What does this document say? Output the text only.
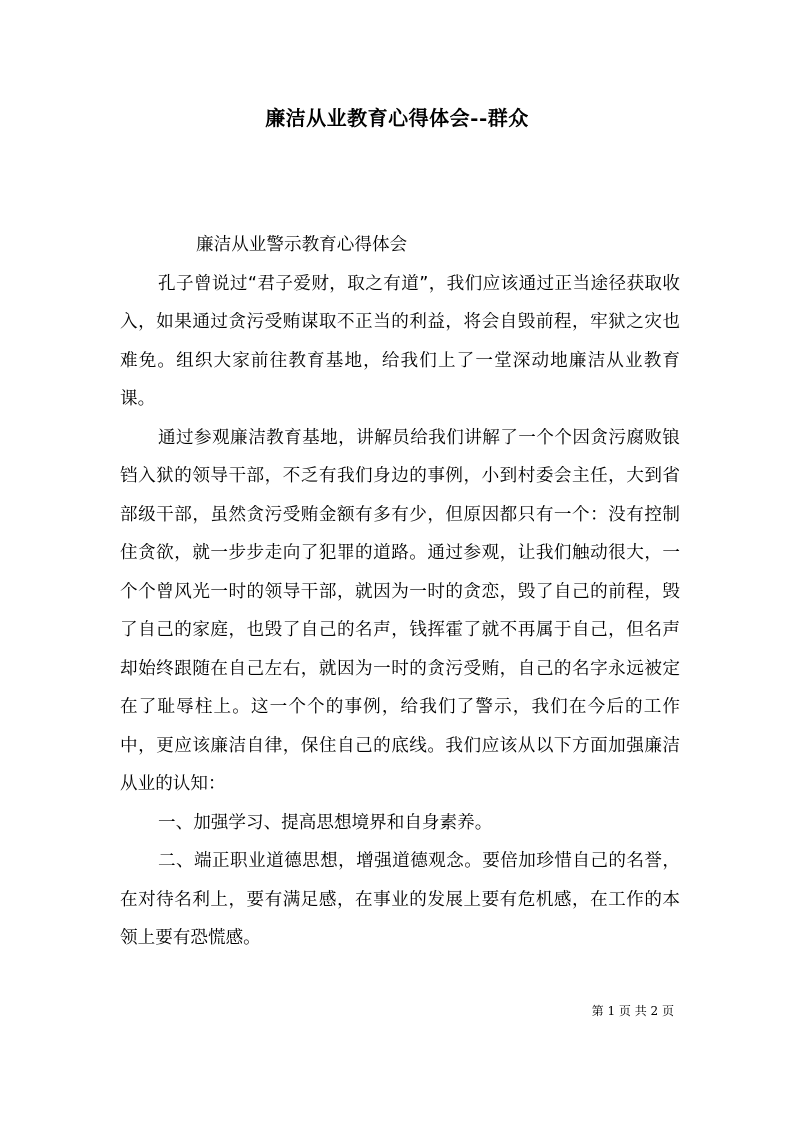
廉洁从业教育心得体会--群众

廉洁从业警示教育心得体会

孔子曾说过“君子爱财，取之有道”，我们应该通过正当途径获取收入，如果通过贪污受贿谋取不正当的利益，将会自毁前程，牢狱之灾也难免。组织大家前往教育基地，给我们上了一堂深动地廉洁从业教育课。

通过参观廉洁教育基地，讲解员给我们讲解了一个个因贪污腐败锒铛入狱的领导干部，不乏有我们身边的事例，小到村委会主任，大到省部级干部，虽然贪污受贿金额有多有少，但原因都只有一个：没有控制住贪欲，就一步步走向了犯罪的道路。通过参观，让我们触动很大，一个个曾风光一时的领导干部，就因为一时的贪恋，毁了自己的前程，毁了自己的家庭，也毁了自己的名声，钱挥霍了就不再属于自己，但名声却始终跟随在自己左右，就因为一时的贪污受贿，自己的名字永远被定在了耻辱柱上。这一个个的事例，给我们了警示，我们在今后的工作中，更应该廉洁自律，保住自己的底线。我们应该从以下方面加强廉洁从业的认知：

一、加强学习、提高思想境界和自身素养。

二、端正职业道德思想，增强道德观念。要倍加珍惜自己的名誉，在对待名利上，要有满足感，在事业的发展上要有危机感，在工作的本领上要有恐慌感。

第 1 页 共 2 页
